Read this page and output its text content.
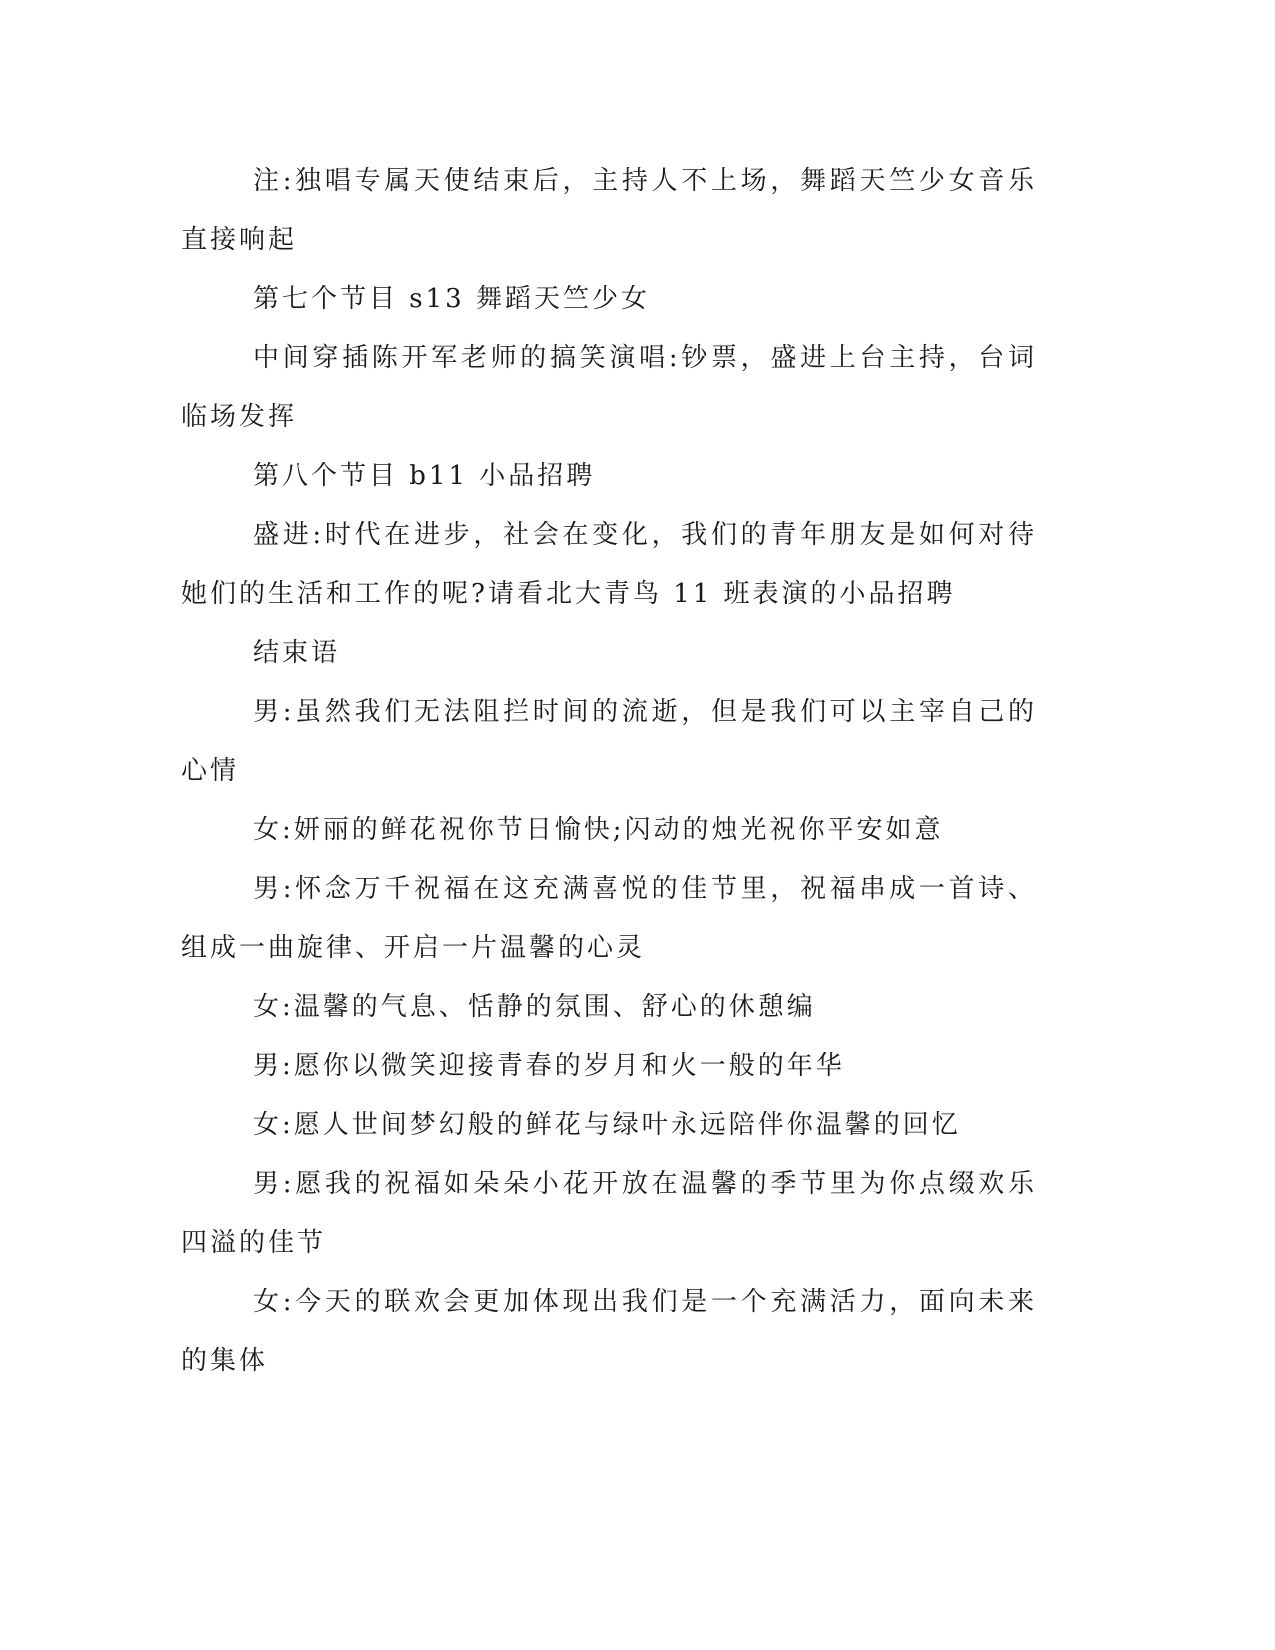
注:独唱专属天使结束后，主持人不上场，舞蹈天竺少女音乐直接响起

第七个节目 s13 舞蹈天竺少女

中间穿插陈开军老师的搞笑演唱:钞票，盛进上台主持，台词临场发挥

第八个节目 b11 小品招聘

盛进:时代在进步，社会在变化，我们的青年朋友是如何对待她们的生活和工作的呢?请看北大青鸟 11 班表演的小品招聘

结束语

男:虽然我们无法阻拦时间的流逝，但是我们可以主宰自己的心情

女:妍丽的鲜花祝你节日愉快;闪动的烛光祝你平安如意

男:怀念万千祝福在这充满喜悦的佳节里，祝福串成一首诗、组成一曲旋律、开启一片温馨的心灵

女:温馨的气息、恬静的氛围、舒心的休憩编

男:愿你以微笑迎接青春的岁月和火一般的年华

女:愿人世间梦幻般的鲜花与绿叶永远陪伴你温馨的回忆

男:愿我的祝福如朵朵小花开放在温馨的季节里为你点缀欢乐四溢的佳节

女:今天的联欢会更加体现出我们是一个充满活力，面向未来的集体
